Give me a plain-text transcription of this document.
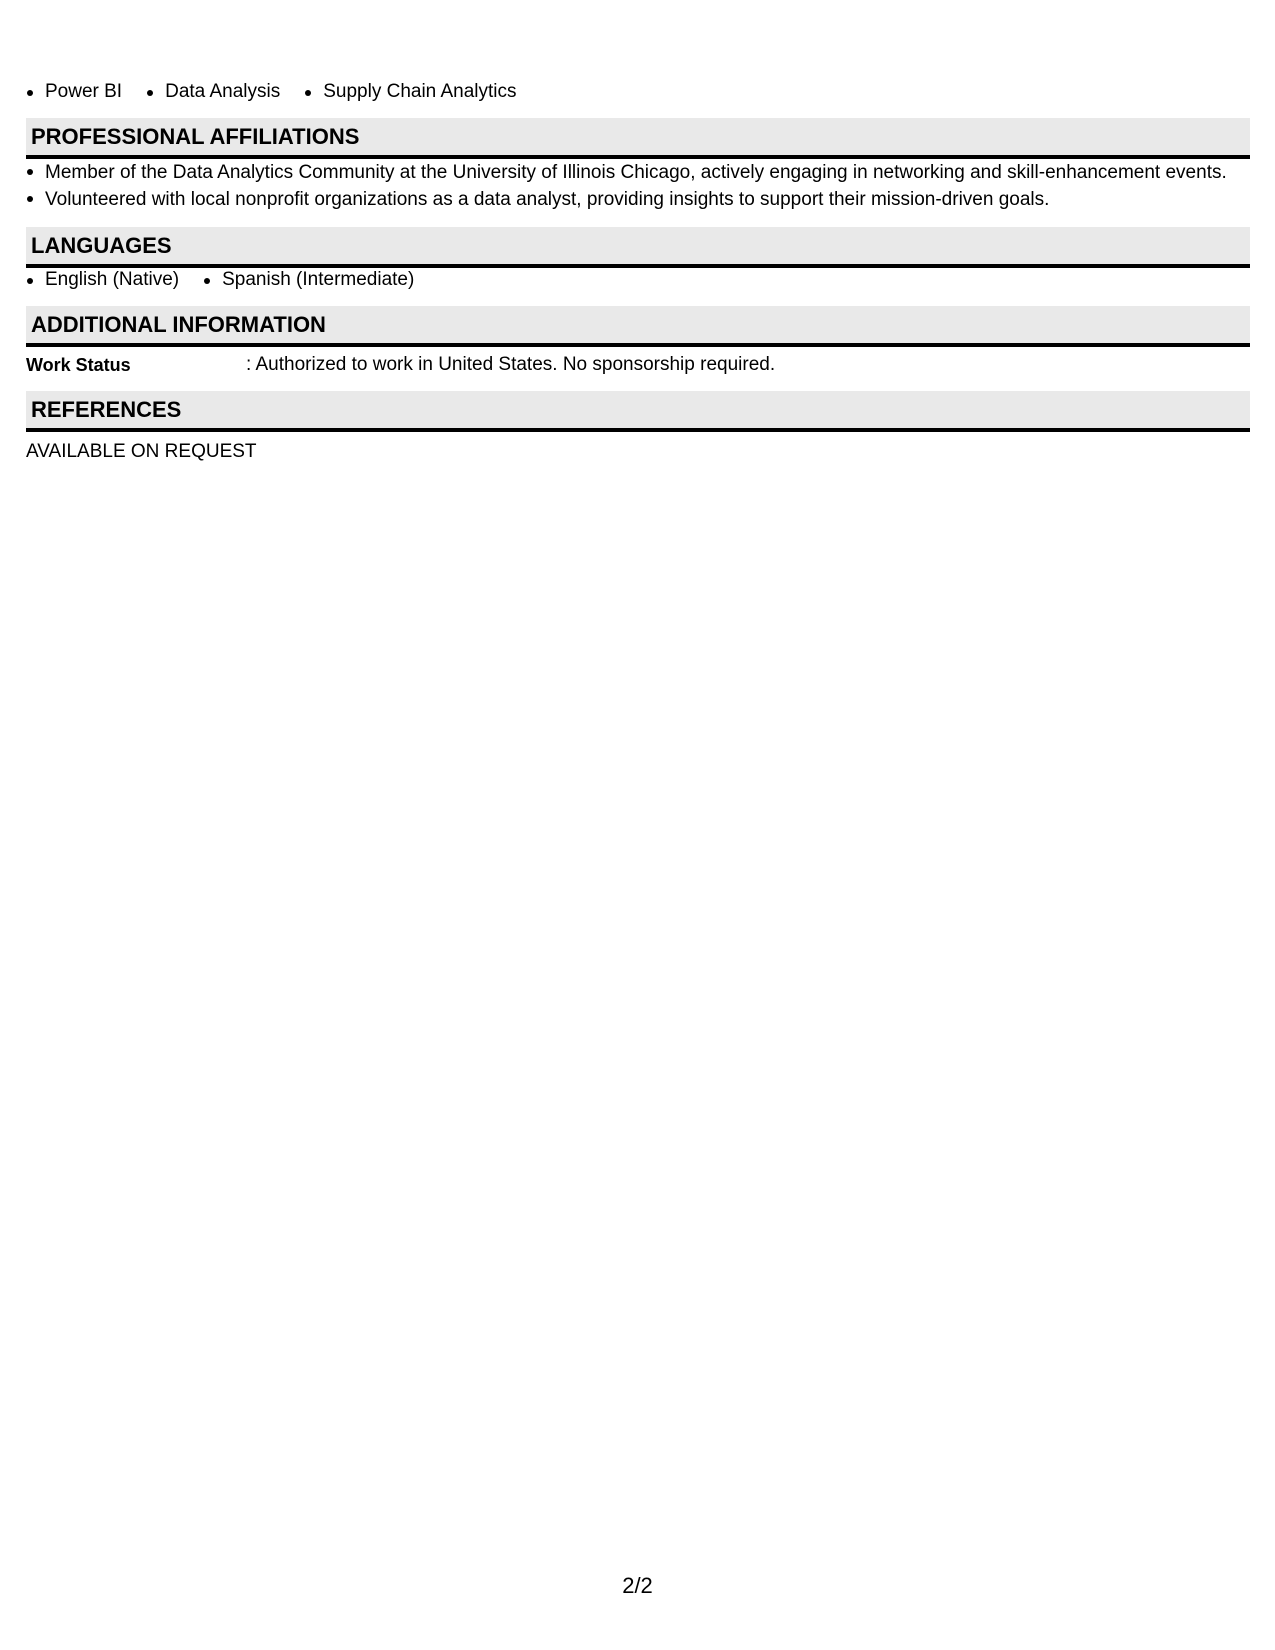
Power BI	Data Analysis	Supply Chain Analytics
PROFESSIONAL AFFILIATIONS
Member of the Data Analytics Community at the University of Illinois Chicago, actively engaging in networking and skill-enhancement events.
Volunteered with local nonprofit organizations as a data analyst, providing insights to support their mission-driven goals.
LANGUAGES
English (Native)	Spanish (Intermediate)
ADDITIONAL INFORMATION
Work Status	: Authorized to work in United States. No sponsorship required.
REFERENCES
AVAILABLE ON REQUEST
2/2
